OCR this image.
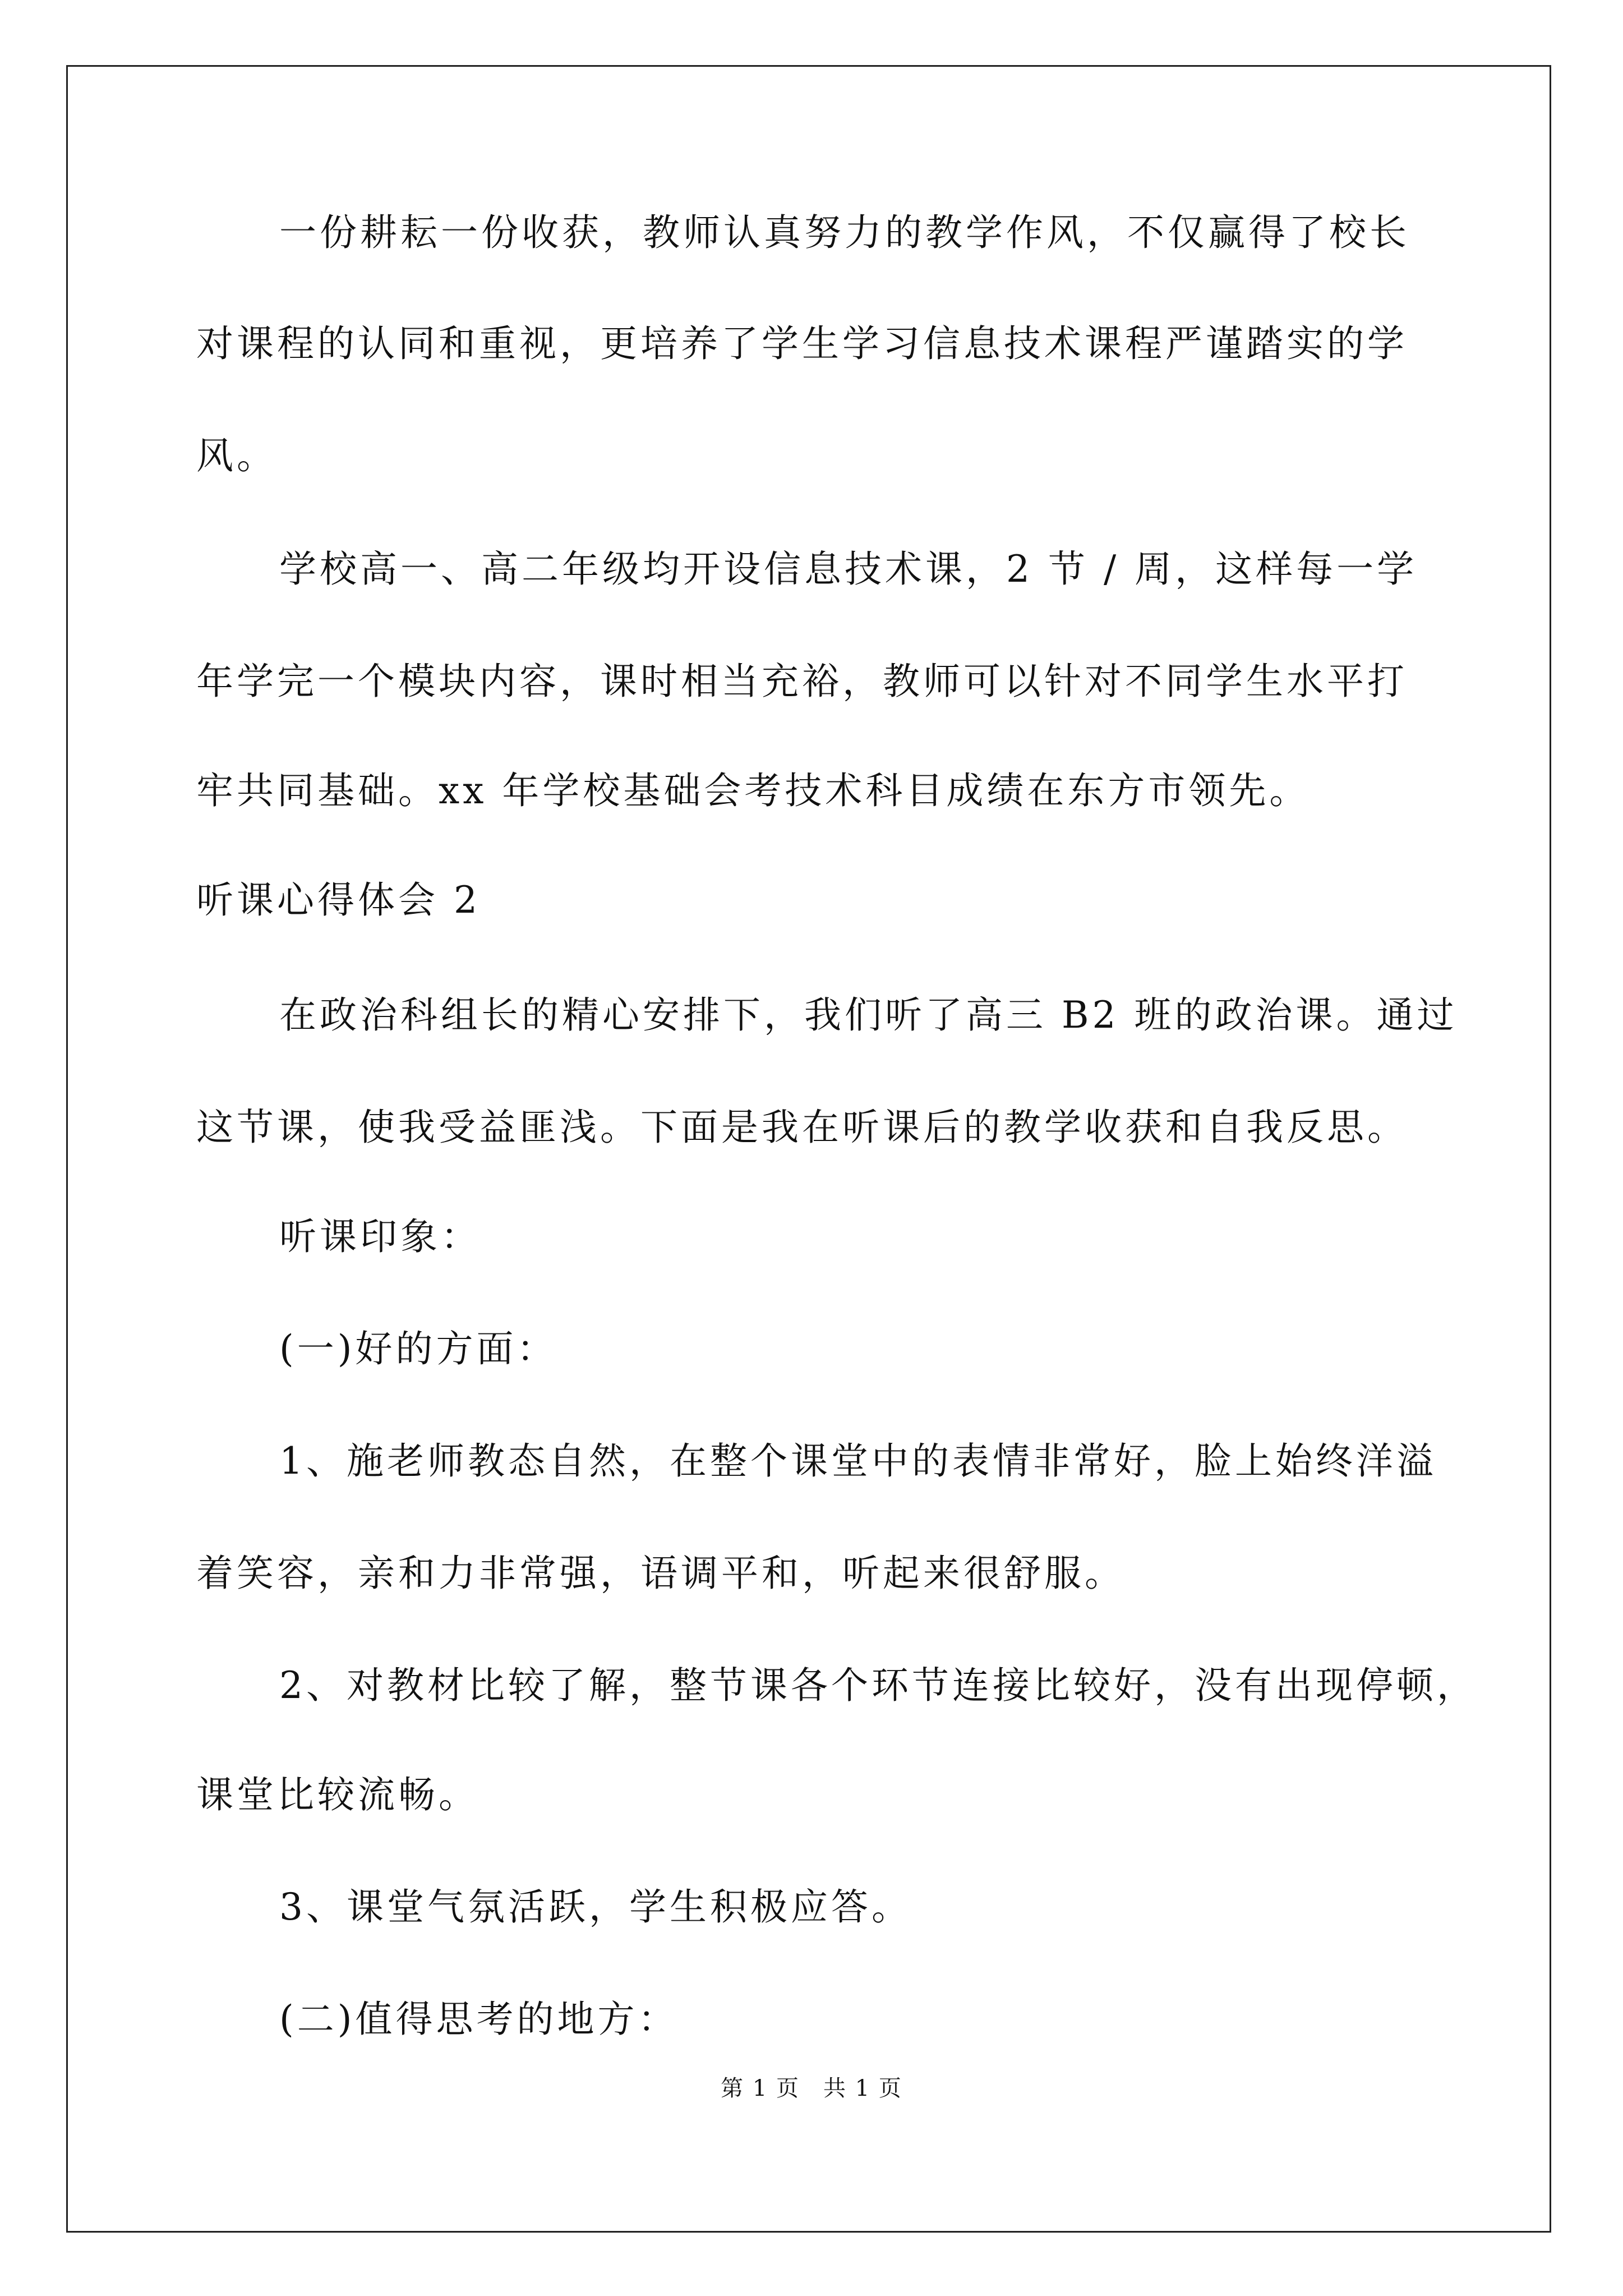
一份耕耘一份收获，教师认真努力的教学作风，不仅赢得了校长
对课程的认同和重视，更培养了学生学习信息技术课程严谨踏实的学
风。
学校高一、高二年级均开设信息技术课，2 节 / 周，这样每一学
年学完一个模块内容，课时相当充裕，教师可以针对不同学生水平打
牢共同基础。xx 年学校基础会考技术科目成绩在东方市领先。
听课心得体会 2
在政治科组长的精心安排下，我们听了高三 B2 班的政治课。通过
这节课，使我受益匪浅。下面是我在听课后的教学收获和自我反思。
听课印象：
(一)好的方面：
1、施老师教态自然，在整个课堂中的表情非常好，脸上始终洋溢
着笑容，亲和力非常强，语调平和，听起来很舒服。
2、对教材比较了解，整节课各个环节连接比较好，没有出现停顿，
课堂比较流畅。
3、课堂气氛活跃，学生积极应答。
(二)值得思考的地方：
第 1 页　共 1 页
